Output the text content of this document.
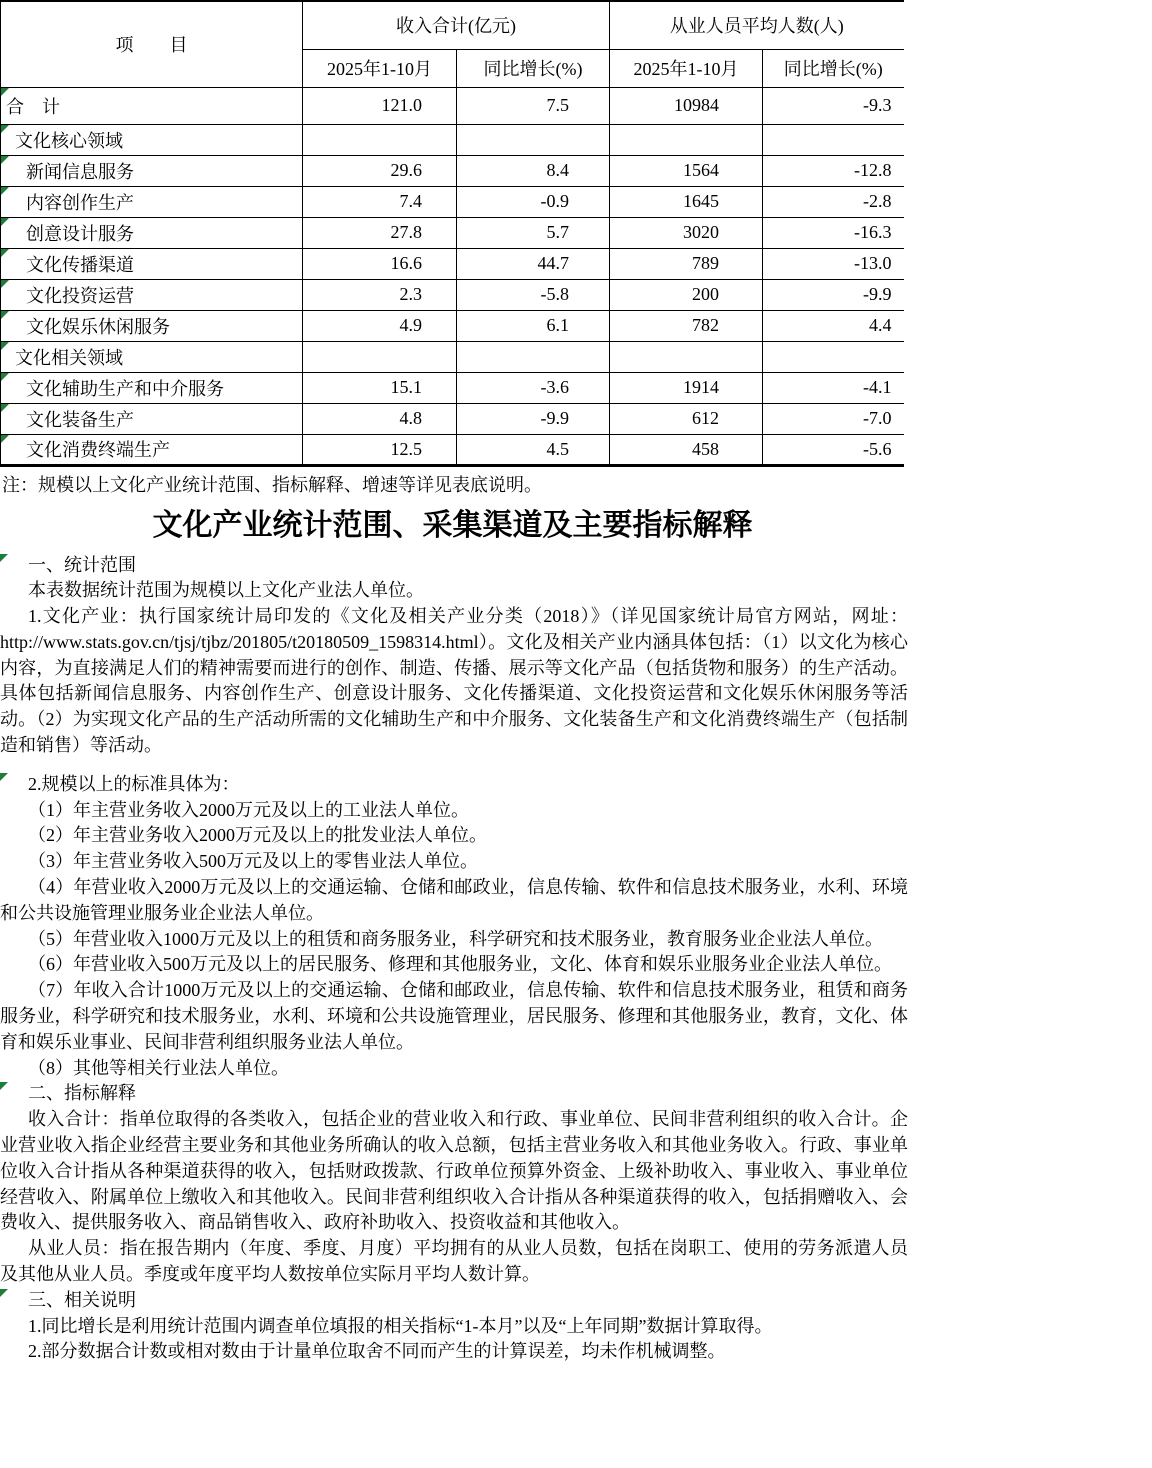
项　　目	收入合计(亿元)		从业人员平均人数(人)	
	2025年1-10月	同比增长(%)	2025年1-10月	同比增长(%)

合　计	121.0	7.5	10984	-9.3

文化核心领域				

新闻信息服务	29.6	8.4	1564	-12.8

内容创作生产	7.4	-0.9	1645	-2.8

创意设计服务	27.8	5.7	3020	-16.3

文化传播渠道	16.6	44.7	789	-13.0

文化投资运营	2.3	-5.8	200	-9.9

文化娱乐休闲服务	4.9	6.1	782	4.4

文化相关领域				

文化辅助生产和中介服务	15.1	-3.6	1914	-4.1

文化装备生产	4.8	-9.9	612	-7.0

文化消费终端生产	12.5	4.5	458	-5.6
注：规模以上文化产业统计范围、指标解释、增速等详见表底说明。
文化产业统计范围、采集渠道及主要指标解释
一、统计范围
本表数据统计范围为规模以上文化产业法人单位。
1.文化产业：执行国家统计局印发的《文化及相关产业分类（2018）》（详见国家统计局官方网站，网址：http://www.stats.gov.cn/tjsj/tjbz/201805/t20180509_1598314.html）。文化及相关产业内涵具体包括：（1）以文化为核心内容，为直接满足人们的精神需要而进行的创作、制造、传播、展示等文化产品（包括货物和服务）的生产活动。具体包括新闻信息服务、内容创作生产、创意设计服务、文化传播渠道、文化投资运营和文化娱乐休闲服务等活动。（2）为实现文化产品的生产活动所需的文化辅助生产和中介服务、文化装备生产和文化消费终端生产（包括制造和销售）等活动。
2.规模以上的标准具体为：
（1）年主营业务收入2000万元及以上的工业法人单位。
（2）年主营业务收入2000万元及以上的批发业法人单位。
（3）年主营业务收入500万元及以上的零售业法人单位。
（4）年营业收入2000万元及以上的交通运输、仓储和邮政业，信息传输、软件和信息技术服务业，水利、环境和公共设施管理业服务业企业法人单位。
（5）年营业收入1000万元及以上的租赁和商务服务业，科学研究和技术服务业，教育服务业企业法人单位。
（6）年营业收入500万元及以上的居民服务、修理和其他服务业，文化、体育和娱乐业服务业企业法人单位。
（7）年收入合计1000万元及以上的交通运输、仓储和邮政业，信息传输、软件和信息技术服务业，租赁和商务服务业，科学研究和技术服务业，水利、环境和公共设施管理业，居民服务、修理和其他服务业，教育，文化、体育和娱乐业事业、民间非营利组织服务业法人单位。
（8）其他等相关行业法人单位。
二、指标解释
收入合计：指单位取得的各类收入，包括企业的营业收入和行政、事业单位、民间非营利组织的收入合计。企业营业收入指企业经营主要业务和其他业务所确认的收入总额，包括主营业务收入和其他业务收入。行政、事业单位收入合计指从各种渠道获得的收入，包括财政拨款、行政单位预算外资金、上级补助收入、事业收入、事业单位经营收入、附属单位上缴收入和其他收入。民间非营利组织收入合计指从各种渠道获得的收入，包括捐赠收入、会费收入、提供服务收入、商品销售收入、政府补助收入、投资收益和其他收入。
从业人员：指在报告期内（年度、季度、月度）平均拥有的从业人员数，包括在岗职工、使用的劳务派遣人员及其他从业人员。季度或年度平均人数按单位实际月平均人数计算。
三、相关说明
1.同比增长是利用统计范围内调查单位填报的相关指标“1-本月”以及“上年同期”数据计算取得。
2.部分数据合计数或相对数由于计量单位取舍不同而产生的计算误差，均未作机械调整。
